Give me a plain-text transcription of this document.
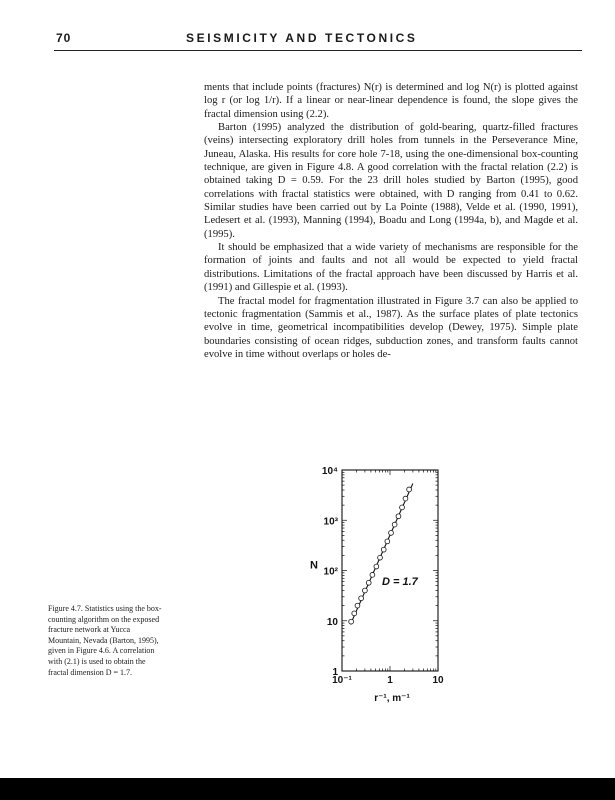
70	SEISMICITY AND TECTONICS

ments that include points (fractures) N(r) is determined and log N(r) is plotted against log r (or log 1/r). If a linear or near-linear dependence is found, the slope gives the fractal dimension using (2.2).

Barton (1995) analyzed the distribution of gold-bearing, quartz-filled fractures (veins) intersecting exploratory drill holes from tunnels in the Perseverance Mine, Juneau, Alaska. His results for core hole 7-18, using the one-dimensional box-counting technique, are given in Figure 4.8. A good correlation with the fractal relation (2.2) is obtained taking D = 0.59. For the 23 drill holes studied by Barton (1995), good correlations with fractal statistics were obtained, with D ranging from 0.41 to 0.62. Similar studies have been carried out by La Pointe (1988), Velde et al. (1990, 1991), Ledesert et al. (1993), Manning (1994), Boadu and Long (1994a, b), and Magde et al. (1995).

It should be emphasized that a wide variety of mechanisms are responsible for the formation of joints and faults and not all would be expected to yield fractal distributions. Limitations of the fractal approach have been discussed by Harris et al. (1991) and Gillespie et al. (1993).

The fractal model for fragmentation illustrated in Figure 3.7 can also be applied to tectonic fragmentation (Sammis et al., 1987). As the surface plates of plate tectonics evolve in time, geometrical incompatibilities develop (Dewey, 1975). Simple plate boundaries consisting of ocean ridges, subduction zones, and transform faults cannot evolve in time without overlaps or holes de-

Figure 4.7. Statistics using the box-counting algorithm on the exposed fracture network at Yucca Mountain, Nevada (Barton, 1995), given in Figure 4.6. A correlation with (2.1) is used to obtain the fractal dimension D = 1.7.	1
10
10²
10³
10⁴
10⁻¹	1	10
N
r⁻¹, m⁻¹
D = 1.7
